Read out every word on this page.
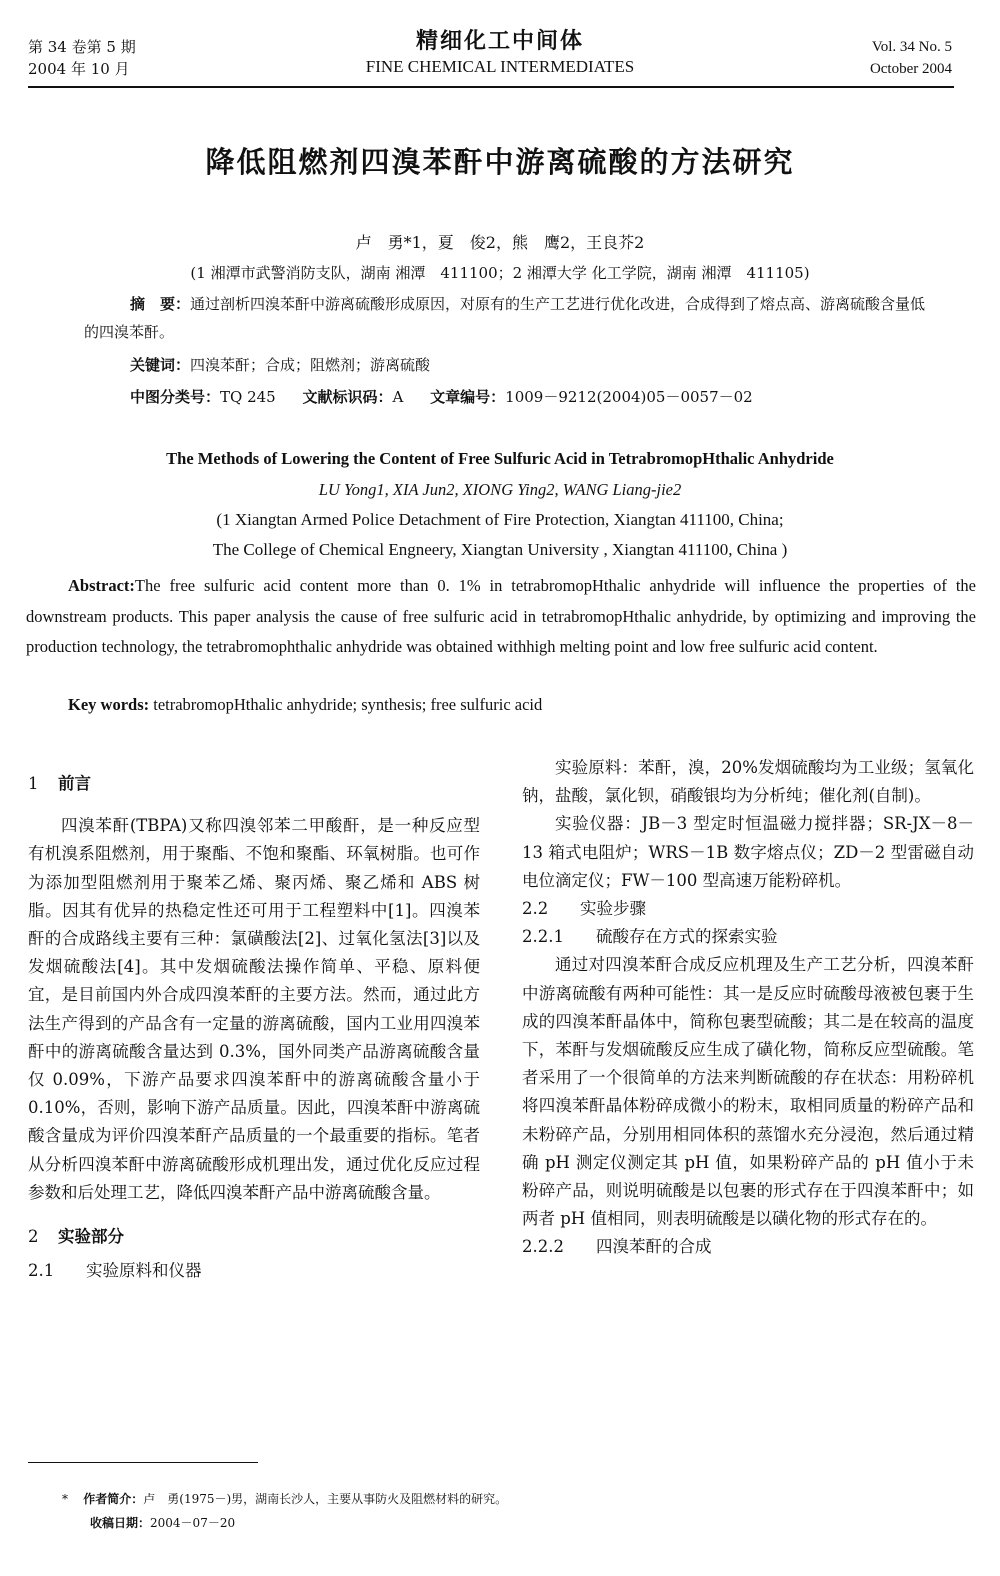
第 34 卷第 5 期
2004 年 10 月
精细化工中间体
FINE CHEMICAL INTERMEDIATES
Vol. 34 No. 5
October 2004
降低阻燃剂四溴苯酐中游离硫酸的方法研究
卢　勇*1，夏　俊2，熊　鹰2，王良芥2
(1 湘潭市武警消防支队，湖南 湘潭　411100；2 湘潭大学 化工学院，湖南 湘潭　411105)
摘　要：通过剖析四溴苯酐中游离硫酸形成原因，对原有的生产工艺进行优化改进，合成得到了熔点高、游离硫酸含量低的四溴苯酐。
关键词：四溴苯酐；合成；阻燃剂；游离硫酸
中图分类号：TQ 245 文献标识码：A 文章编号：1009－9212(2004)05－0057－02
The Methods of Lowering the Content of Free Sulfuric Acid in TetrabromopHthalic Anhydride
LU Yong1, XIA Jun2, XIONG Ying2, WANG Liang-jie2
(1 Xiangtan Armed Police Detachment of Fire Protection, Xiangtan 411100, China;
The College of Chemical Engneery, Xiangtan University , Xiangtan 411100, China )
Abstract:The free sulfuric acid content more than 0. 1% in tetrabromopHthalic anhydride will influence the properties of the downstream products. This paper analysis the cause of free sulfuric acid in tetrabromopHthalic anhydride, by optimizing and improving the production technology, the tetrabromophthalic anhydride was obtained withhigh melting point and low free sulfuric acid content.
Key words: tetrabromopHthalic anhydride; synthesis; free sulfuric acid

1 前言

四溴苯酐(TBPA)又称四溴邻苯二甲酸酐，是一种反应型有机溴系阻燃剂，用于聚酯、不饱和聚酯、环氧树脂。也可作为添加型阻燃剂用于聚苯乙烯、聚丙烯、聚乙烯和 ABS 树脂。因其有优异的热稳定性还可用于工程塑料中[1]。四溴苯酐的合成路线主要有三种：氯磺酸法[2]、过氧化氢法[3]以及发烟硫酸法[4]。其中发烟硫酸法操作简单、平稳、原料便宜，是目前国内外合成四溴苯酐的主要方法。然而，通过此方法生产得到的产品含有一定量的游离硫酸，国内工业用四溴苯酐中的游离硫酸含量达到 0.3%，国外同类产品游离硫酸含量仅 0.09%，下游产品要求四溴苯酐中的游离硫酸含量小于 0.10%，否则，影响下游产品质量。因此，四溴苯酐中游离硫酸含量成为评价四溴苯酐产品质量的一个最重要的指标。笔者从分析四溴苯酐中游离硫酸形成机理出发，通过优化反应过程参数和后处理工艺，降低四溴苯酐产品中游离硫酸含量。

2 实验部分

2.1 实验原料和仪器

实验原料：苯酐，溴，20%发烟硫酸均为工业级；氢氧化钠，盐酸，氯化钡，硝酸银均为分析纯；催化剂(自制)。

实验仪器：JB－3 型定时恒温磁力搅拌器；SR-JX－8－13 箱式电阻炉；WRS－1B 数字熔点仪；ZD－2 型雷磁自动电位滴定仪；FW－100 型高速万能粉碎机。

2.2 实验步骤

2.2.1 硫酸存在方式的探索实验

通过对四溴苯酐合成反应机理及生产工艺分析，四溴苯酐中游离硫酸有两种可能性：其一是反应时硫酸母液被包裹于生成的四溴苯酐晶体中，简称包裹型硫酸；其二是在较高的温度下，苯酐与发烟硫酸反应生成了磺化物，简称反应型硫酸。笔者采用了一个很简单的方法来判断硫酸的存在状态：用粉碎机将四溴苯酐晶体粉碎成微小的粉末，取相同质量的粉碎产品和未粉碎产品，分别用相同体积的蒸馏水充分浸泡，然后通过精确 pH 测定仪测定其 pH 值，如果粉碎产品的 pH 值小于未粉碎产品，则说明硫酸是以包裹的形式存在于四溴苯酐中；如两者 pH 值相同，则表明硫酸是以磺化物的形式存在的。

2.2.2 四溴苯酐的合成

* 作者简介：卢　勇(1975－)男，湖南长沙人，主要从事防火及阻燃材料的研究。
收稿日期：2004－07－20
